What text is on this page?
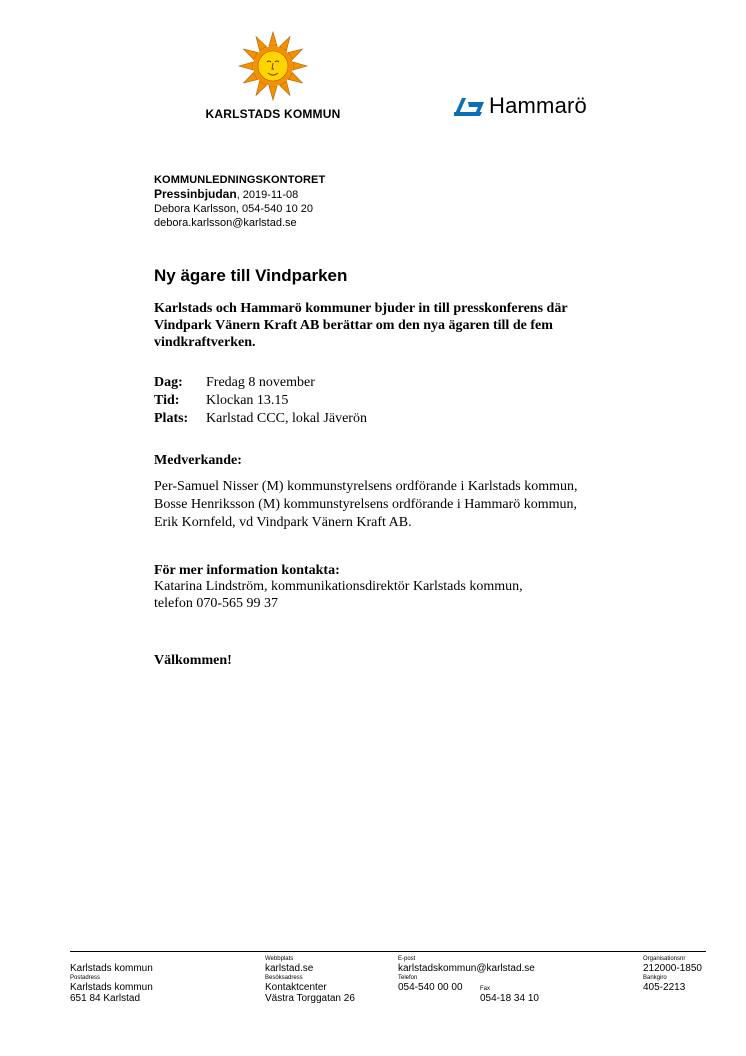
KARLSTADS KOMMUN	Hammarö
KOMMUNLEDNINGSKONTORET
Pressinbjudan, 2019-11-08
Debora Karlsson, 054-540 10 20
debora.karlsson@karlstad.se
Ny ägare till Vindparken
Karlstads och Hammarö kommuner bjuder in till presskonferens där Vindpark Vänern Kraft AB berättar om den nya ägaren till de fem vindkraftverken.
Dag:	Fredag 8 november
Tid:	Klockan 13.15
Plats:	Karlstad CCC, lokal Jäverön
Medverkande:
Per-Samuel Nisser (M) kommunstyrelsens ordförande i Karlstads kommun,
Bosse Henriksson (M) kommunstyrelsens ordförande i Hammarö kommun,
Erik Kornfeld, vd Vindpark Vänern Kraft AB.
För mer information kontakta:
Katarina Lindström, kommunikationsdirektör Karlstads kommun,
telefon 070-565 99 37
Välkommen!
Karlstads kommun
Postadress
Karlstads kommun
651 84 Karlstad
Webbplats
karlstad.se
Besöksadress
Kontaktcenter
Västra Torggatan 26
E-post
karlstadskommun@karlstad.se
Telefon
054-540 00 00	Fax
054-18 34 10
Organisationsnr
212000-1850
Bankgiro
405-2213
